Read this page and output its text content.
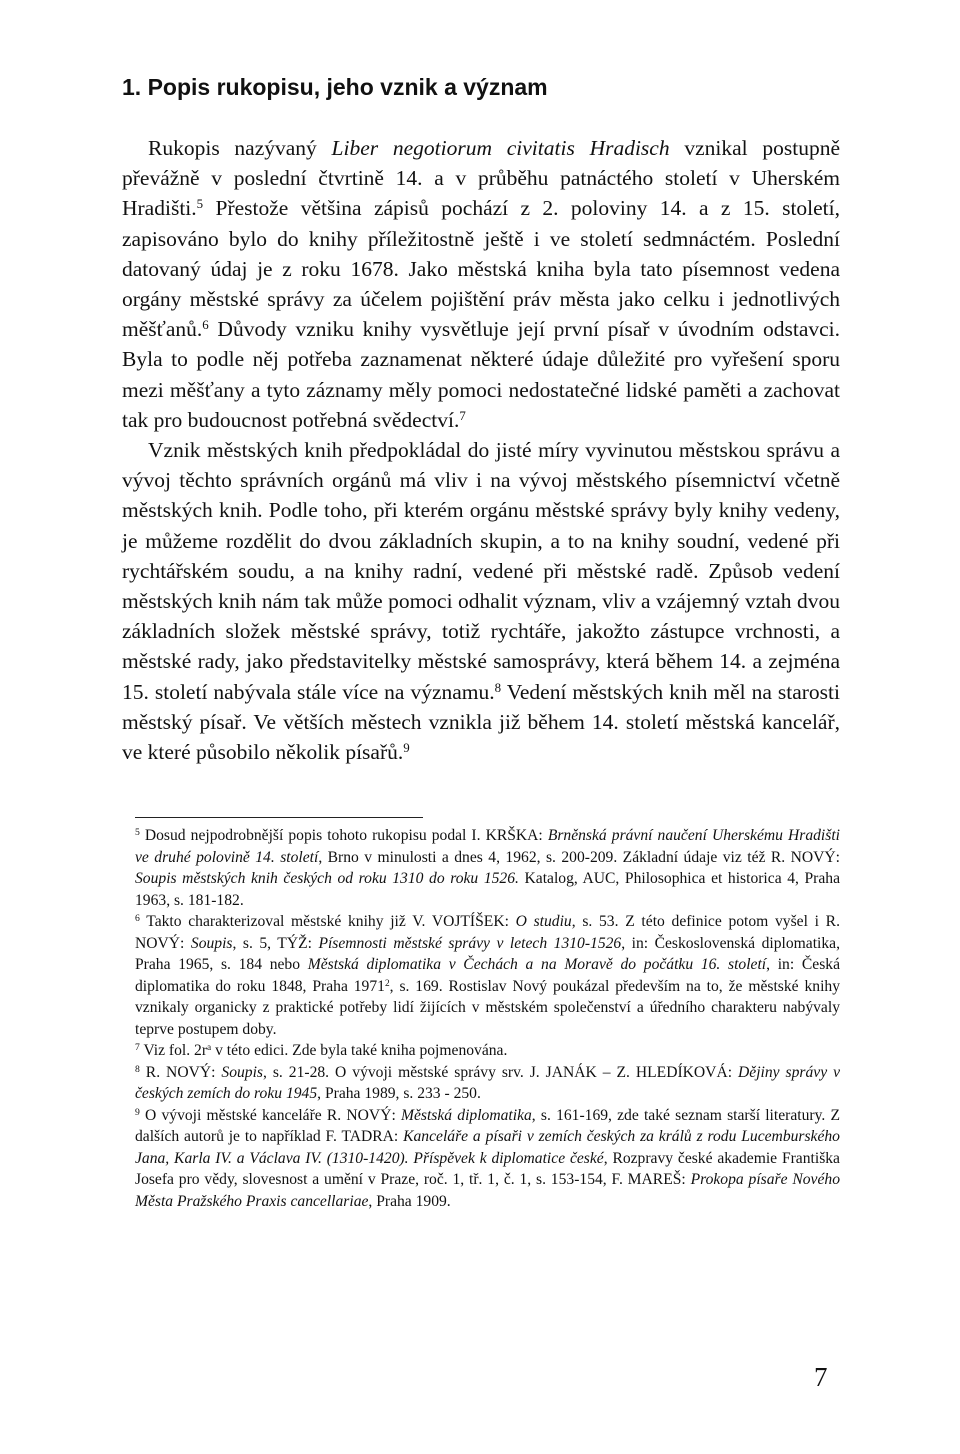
1. Popis rukopisu, jeho vznik a význam

Rukopis nazývaný Liber negotiorum civitatis Hradisch vznikal postupně převážně v poslední čtvrtině 14. a v průběhu patnáctého století v Uherském Hradišti.$^5$ Přestože většina zápisů pochází z 2. poloviny 14. a z 15. století, zapisováno bylo do knihy příležitostně ještě i ve století sedmnáctém. Poslední datovaný údaj je z roku 1678. Jako městská kniha byla tato písemnost vedena orgány městské správy za účelem pojištění práv města jako celku i jednotlivých měšťanů.$^6$ Důvody vzniku knihy vysvětluje její první písař v úvodním odstavci. Byla to podle něj potřeba zaznamenat některé údaje důležité pro vyřešení sporu mezi měšťany a tyto záznamy měly pomoci nedostatečné lidské paměti a zachovat tak pro budoucnost potřebná svědectví.$^7$

Vznik městských knih předpokládal do jisté míry vyvinutou městskou správu a vývoj těchto správních orgánů má vliv i na vývoj městského písemnictví včetně městských knih. Podle toho, při kterém orgánu městské správy byly knihy vedeny, je můžeme rozdělit do dvou základních skupin, a to na knihy soudní, vedené při rychtářském soudu, a na knihy radní, vedené při městské radě. Způsob vedení městských knih nám tak může pomoci odhalit význam, vliv a vzájemný vztah dvou základních složek městské správy, totiž rychtáře, jakožto zástupce vrchnosti, a městské rady, jako představitelky městské samosprávy, která během 14. a zejména 15. století nabývala stále více na významu.$^8$ Vedení městských knih měl na starosti městský písař. Ve větších městech vznikla již během 14. století městská kancelář, ve které působilo několik písařů.$^9$

$^5$ Dosud nejpodrobnější popis tohoto rukopisu podal I. KRŠKA: Brněnská právní naučení Uherskému Hradišti ve druhé polovině 14. století, Brno v minulosti a dnes 4, 1962, s. 200-209. Základní údaje viz též R. NOVÝ: Soupis městských knih českých od roku 1310 do roku 1526. Katalog, AUC, Philosophica et historica 4, Praha 1963, s. 181-182.

$^6$ Takto charakterizoval městské knihy již V. VOJTÍŠEK: O studiu, s. 53. Z této definice potom vyšel i R. NOVÝ: Soupis, s. 5, TÝŽ: Písemnosti městské správy v letech 1310-1526, in: Československá diplomatika, Praha 1965, s. 184 nebo Městská diplomatika v Čechách a na Moravě do počátku 16. století, in: Česká diplomatika do roku 1848, Praha 1971$^2$, s. 169. Rostislav Nový poukázal především na to, že městské knihy vznikaly organicky z praktické potřeby lidí žijících v městském společenství a úředního charakteru nabývaly teprve postupem doby.

$^7$ Viz fol. $2r^a$ v této edici. Zde byla také kniha pojmenována.

$^8$ R. NOVÝ: Soupis, s. 21-28. O vývoji městské správy srv. J. JANÁK – Z. HLEDÍKOVÁ: Dějiny správy v českých zemích do roku 1945, Praha 1989, s. 233 - 250.

$^9$ O vývoji městské kanceláře R. NOVÝ: Městská diplomatika, s. 161-169, zde také seznam starší literatury. Z dalších autorů je to například F. TADRA: Kanceláře a písaři v zemích českých za králů z rodu Lucemburského Jana, Karla IV. a Václava IV. (1310-1420). Příspěvek k diplomatice české, Rozpravy české akademie Františka Josefa pro vědy, slovesnost a umění v Praze, roč. 1, tř. 1, č. 1, s. 153-154, F. MAREŠ: Prokopa písaře Nového Města Pražského Praxis cancellariae, Praha 1909.

7
